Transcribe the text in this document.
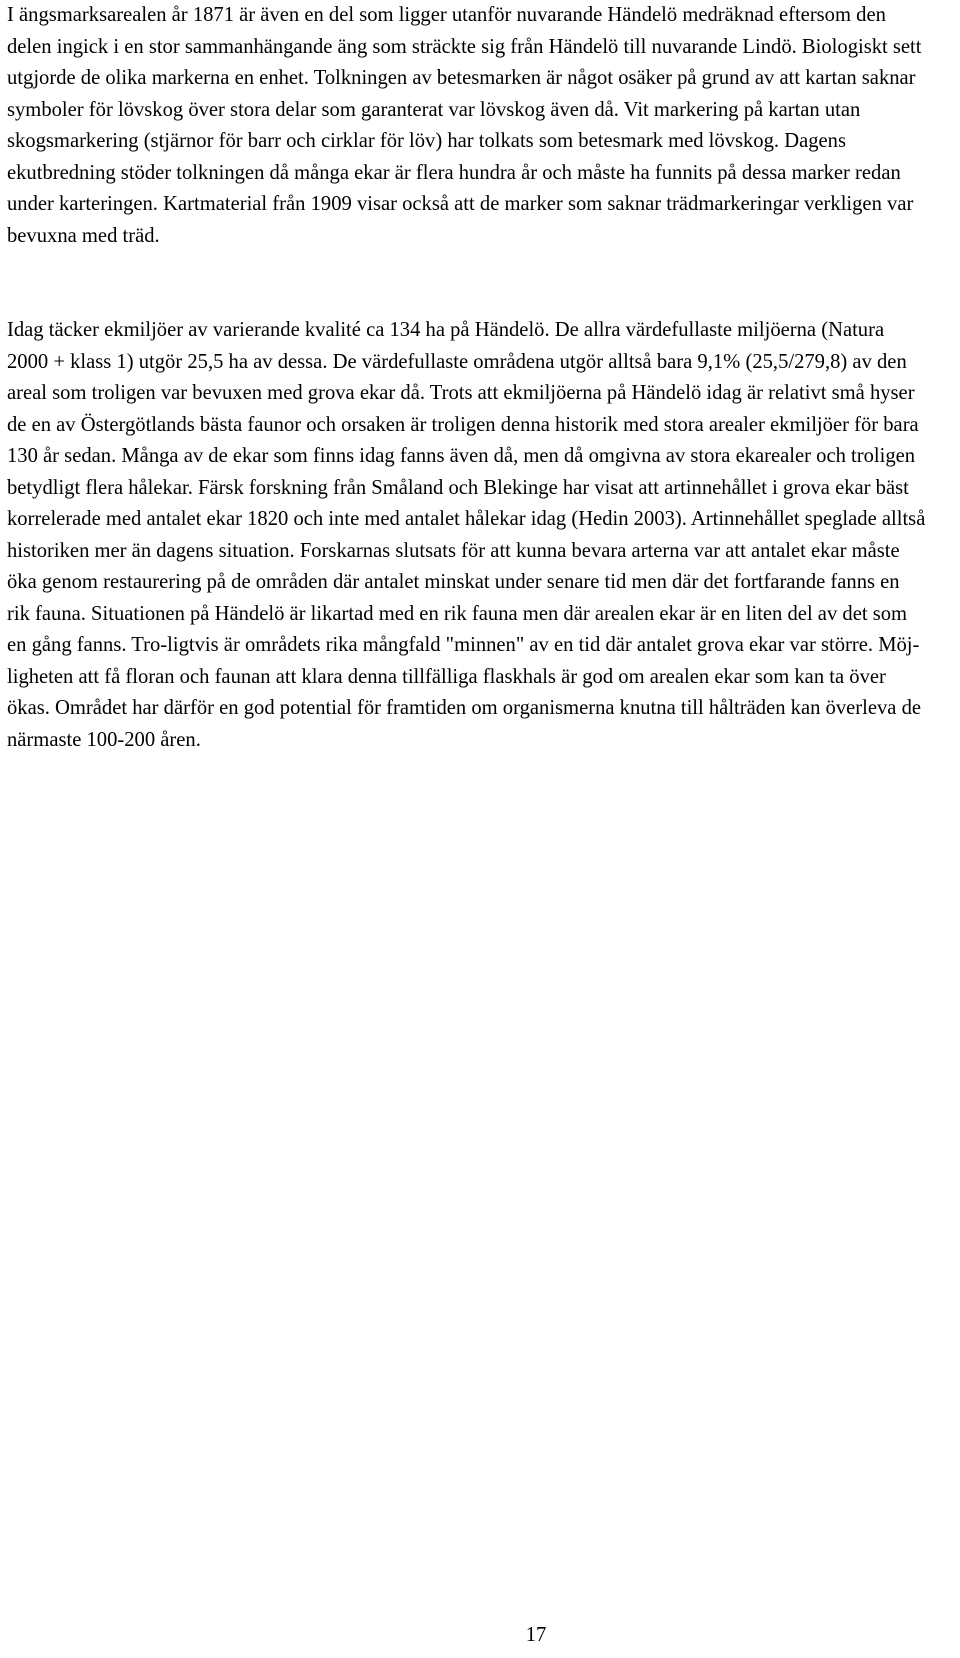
I ängsmarksarealen år 1871 är även en del som ligger utanför nuvarande Händelö medräknad eftersom den delen ingick i en stor sammanhängande äng som sträckte sig från Händelö till nuvarande Lindö. Biologiskt sett utgjorde de olika markerna en enhet. Tolkningen av betesmarken är något osäker på grund av att kartan saknar symboler för lövskog över stora delar som garanterat var lövskog även då. Vit markering på kartan utan skogsmarkering (stjärnor för barr och cirklar för löv) har tolkats som betesmark med lövskog. Dagens ekutbredning stöder tolkningen då många ekar är flera hundra år och måste ha funnits på dessa marker redan under karteringen. Kartmaterial från 1909 visar också att de marker som saknar trädmarkeringar verkligen var bevuxna med träd.

Idag täcker ekmiljöer av varierande kvalité ca 134 ha på Händelö. De allra värdefullaste miljöerna (Natura 2000 + klass 1) utgör 25,5 ha av dessa. De värdefullaste områdena utgör alltså bara 9,1% (25,5/279,8) av den areal som troligen var bevuxen med grova ekar då. Trots att ekmiljöerna på Händelö idag är relativt små hyser de en av Östergötlands bästa faunor och orsaken är troligen denna historik med stora arealer ekmiljöer för bara 130 år sedan. Många av de ekar som finns idag fanns även då, men då omgivna av stora ekarealer och troligen betydligt flera hålekar. Färsk forskning från Småland och Blekinge har visat att artinnehållet i grova ekar bäst korrelerade med antalet ekar 1820 och inte med antalet hålekar idag (Hedin 2003). Artinnehållet speglade alltså historiken mer än dagens situation. Forskarnas slutsats för att kunna bevara arterna var att antalet ekar måste öka genom restaurering på de områden där antalet minskat under senare tid men där det fortfarande fanns en rik fauna. Situationen på Händelö är likartad med en rik fauna men där arealen ekar är en liten del av det som en gång fanns. Tro-ligtvis är områdets rika mångfald "minnen" av en tid där antalet grova ekar var större. Möj-ligheten att få floran och faunan att klara denna tillfälliga flaskhals är god om arealen ekar som kan ta över ökas. Området har därför en god potential för framtiden om organismerna knutna till hålträden kan överleva de närmaste 100-200 åren.

17
